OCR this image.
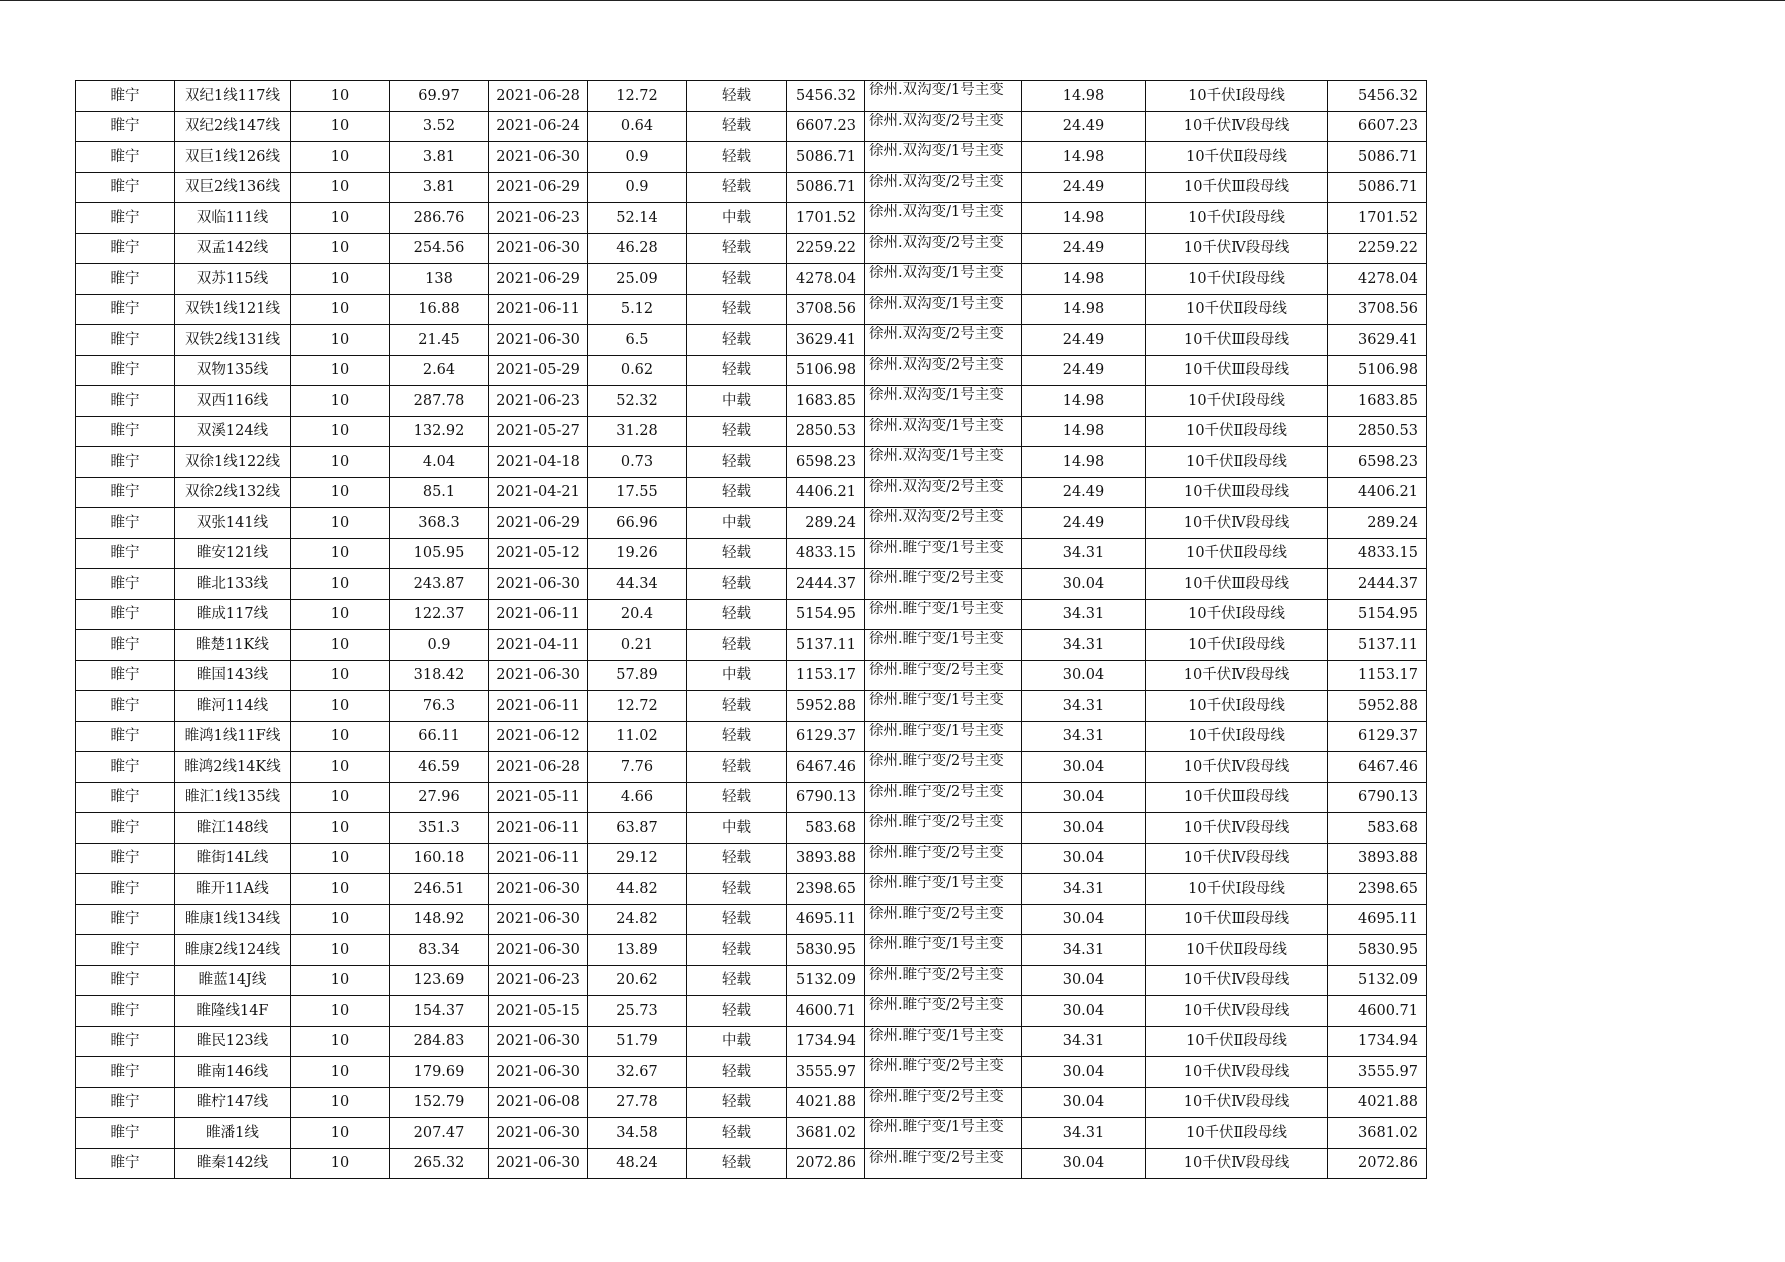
睢宁	双纪1线117线	10	69.97	2021-06-28	12.72	轻载	5456.32	徐州.双沟变/1号主变	14.98	10千伏Ⅰ段母线	5456.32
睢宁	双纪2线147线	10	3.52	2021-06-24	0.64	轻载	6607.23	徐州.双沟变/2号主变	24.49	10千伏Ⅳ段母线	6607.23
睢宁	双巨1线126线	10	3.81	2021-06-30	0.9	轻载	5086.71	徐州.双沟变/1号主变	14.98	10千伏Ⅱ段母线	5086.71
睢宁	双巨2线136线	10	3.81	2021-06-29	0.9	轻载	5086.71	徐州.双沟变/2号主变	24.49	10千伏Ⅲ段母线	5086.71
睢宁	双临111线	10	286.76	2021-06-23	52.14	中载	1701.52	徐州.双沟变/1号主变	14.98	10千伏Ⅰ段母线	1701.52
睢宁	双孟142线	10	254.56	2021-06-30	46.28	轻载	2259.22	徐州.双沟变/2号主变	24.49	10千伏Ⅳ段母线	2259.22
睢宁	双苏115线	10	138	2021-06-29	25.09	轻载	4278.04	徐州.双沟变/1号主变	14.98	10千伏Ⅰ段母线	4278.04
睢宁	双铁1线121线	10	16.88	2021-06-11	5.12	轻载	3708.56	徐州.双沟变/1号主变	14.98	10千伏Ⅱ段母线	3708.56
睢宁	双铁2线131线	10	21.45	2021-06-30	6.5	轻载	3629.41	徐州.双沟变/2号主变	24.49	10千伏Ⅲ段母线	3629.41
睢宁	双物135线	10	2.64	2021-05-29	0.62	轻载	5106.98	徐州.双沟变/2号主变	24.49	10千伏Ⅲ段母线	5106.98
睢宁	双西116线	10	287.78	2021-06-23	52.32	中载	1683.85	徐州.双沟变/1号主变	14.98	10千伏Ⅰ段母线	1683.85
睢宁	双溪124线	10	132.92	2021-05-27	31.28	轻载	2850.53	徐州.双沟变/1号主变	14.98	10千伏Ⅱ段母线	2850.53
睢宁	双徐1线122线	10	4.04	2021-04-18	0.73	轻载	6598.23	徐州.双沟变/1号主变	14.98	10千伏Ⅱ段母线	6598.23
睢宁	双徐2线132线	10	85.1	2021-04-21	17.55	轻载	4406.21	徐州.双沟变/2号主变	24.49	10千伏Ⅲ段母线	4406.21
睢宁	双张141线	10	368.3	2021-06-29	66.96	中载	289.24	徐州.双沟变/2号主变	24.49	10千伏Ⅳ段母线	289.24
睢宁	睢安121线	10	105.95	2021-05-12	19.26	轻载	4833.15	徐州.睢宁变/1号主变	34.31	10千伏Ⅱ段母线	4833.15
睢宁	睢北133线	10	243.87	2021-06-30	44.34	轻载	2444.37	徐州.睢宁变/2号主变	30.04	10千伏Ⅲ段母线	2444.37
睢宁	睢成117线	10	122.37	2021-06-11	20.4	轻载	5154.95	徐州.睢宁变/1号主变	34.31	10千伏Ⅰ段母线	5154.95
睢宁	睢楚11K线	10	0.9	2021-04-11	0.21	轻载	5137.11	徐州.睢宁变/1号主变	34.31	10千伏Ⅰ段母线	5137.11
睢宁	睢国143线	10	318.42	2021-06-30	57.89	中载	1153.17	徐州.睢宁变/2号主变	30.04	10千伏Ⅳ段母线	1153.17
睢宁	睢河114线	10	76.3	2021-06-11	12.72	轻载	5952.88	徐州.睢宁变/1号主变	34.31	10千伏Ⅰ段母线	5952.88
睢宁	睢鸿1线11F线	10	66.11	2021-06-12	11.02	轻载	6129.37	徐州.睢宁变/1号主变	34.31	10千伏Ⅰ段母线	6129.37
睢宁	睢鸿2线14K线	10	46.59	2021-06-28	7.76	轻载	6467.46	徐州.睢宁变/2号主变	30.04	10千伏Ⅳ段母线	6467.46
睢宁	睢汇1线135线	10	27.96	2021-05-11	4.66	轻载	6790.13	徐州.睢宁变/2号主变	30.04	10千伏Ⅲ段母线	6790.13
睢宁	睢江148线	10	351.3	2021-06-11	63.87	中载	583.68	徐州.睢宁变/2号主变	30.04	10千伏Ⅳ段母线	583.68
睢宁	睢街14L线	10	160.18	2021-06-11	29.12	轻载	3893.88	徐州.睢宁变/2号主变	30.04	10千伏Ⅳ段母线	3893.88
睢宁	睢开11A线	10	246.51	2021-06-30	44.82	轻载	2398.65	徐州.睢宁变/1号主变	34.31	10千伏Ⅰ段母线	2398.65
睢宁	睢康1线134线	10	148.92	2021-06-30	24.82	轻载	4695.11	徐州.睢宁变/2号主变	30.04	10千伏Ⅲ段母线	4695.11
睢宁	睢康2线124线	10	83.34	2021-06-30	13.89	轻载	5830.95	徐州.睢宁变/1号主变	34.31	10千伏Ⅱ段母线	5830.95
睢宁	睢蓝14J线	10	123.69	2021-06-23	20.62	轻载	5132.09	徐州.睢宁变/2号主变	30.04	10千伏Ⅳ段母线	5132.09
睢宁	睢隆线14F	10	154.37	2021-05-15	25.73	轻载	4600.71	徐州.睢宁变/2号主变	30.04	10千伏Ⅳ段母线	4600.71
睢宁	睢民123线	10	284.83	2021-06-30	51.79	中载	1734.94	徐州.睢宁变/1号主变	34.31	10千伏Ⅱ段母线	1734.94
睢宁	睢南146线	10	179.69	2021-06-30	32.67	轻载	3555.97	徐州.睢宁变/2号主变	30.04	10千伏Ⅳ段母线	3555.97
睢宁	睢柠147线	10	152.79	2021-06-08	27.78	轻载	4021.88	徐州.睢宁变/2号主变	30.04	10千伏Ⅳ段母线	4021.88
睢宁	睢潘1线	10	207.47	2021-06-30	34.58	轻载	3681.02	徐州.睢宁变/1号主变	34.31	10千伏Ⅱ段母线	3681.02
睢宁	睢秦142线	10	265.32	2021-06-30	48.24	轻载	2072.86	徐州.睢宁变/2号主变	30.04	10千伏Ⅳ段母线	2072.86
